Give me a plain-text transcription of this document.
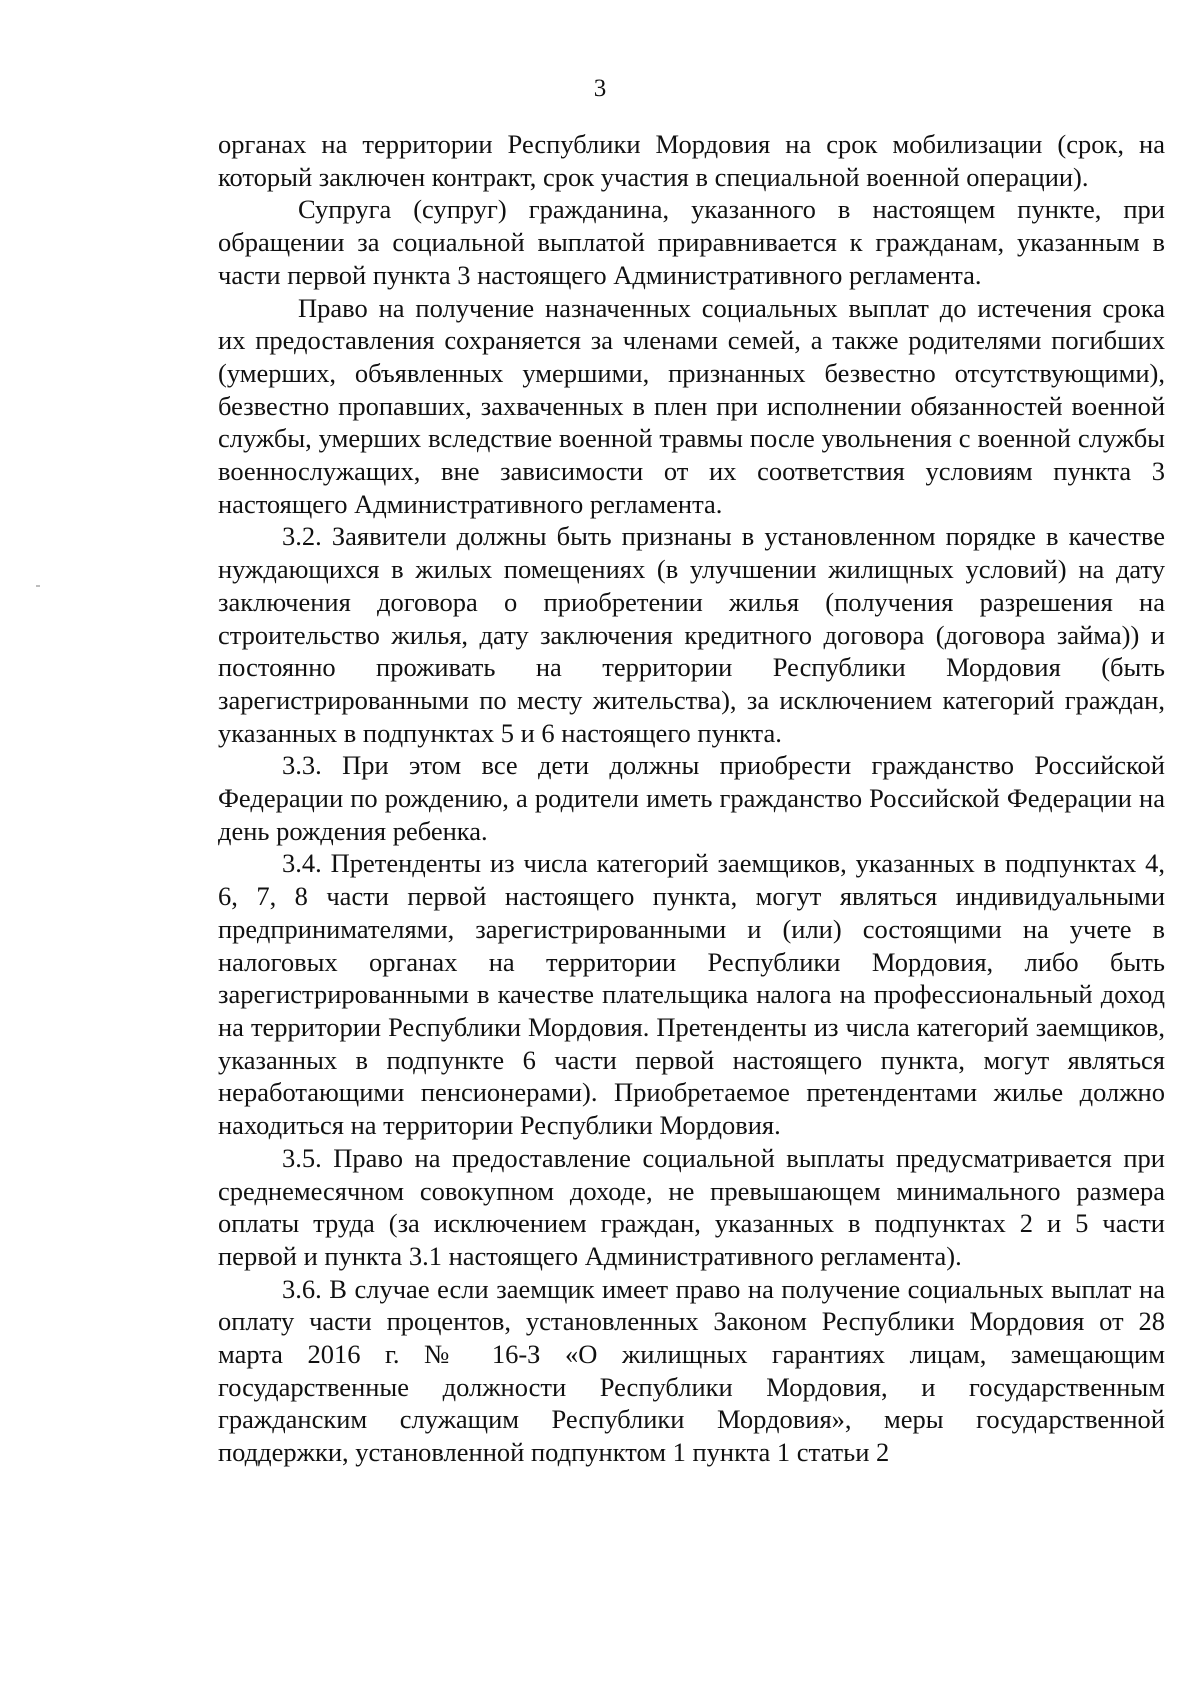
3

органах на территории Республики Мордовия на срок мобилизации (срок, на который заключен контракт, срок участия в специальной военной операции).

Супруга (супруг) гражданина, указанного в настоящем пункте, при обращении за социальной выплатой приравнивается к гражданам, указанным в части первой пункта 3 настоящего Административного регламента.

Право на получение назначенных социальных выплат до истечения срока их предоставления сохраняется за членами семей, а также родителями погибших (умерших, объявленных умершими, признанных безвестно отсутствующими), безвестно пропавших, захваченных в плен при исполнении обязанностей военной службы, умерших вследствие военной травмы после увольнения с военной службы военнослужащих, вне зависимости от их соответствия условиям пункта 3 настоящего Административного регламента.

3.2. Заявители должны быть признаны в установленном порядке в качестве нуждающихся в жилых помещениях (в улучшении жилищных условий) на дату заключения договора о приобретении жилья (получения разрешения на строительство жилья, дату заключения кредитного договора (договора займа)) и постоянно проживать на территории Республики Мордовия (быть зарегистрированными по месту жительства), за исключением категорий граждан, указанных в подпунктах 5 и 6 настоящего пункта.

3.3. При этом все дети должны приобрести гражданство Российской Федерации по рождению, а родители иметь гражданство Российской Федерации на день рождения ребенка.

3.4. Претенденты из числа категорий заемщиков, указанных в подпунктах 4, 6, 7, 8 части первой настоящего пункта, могут являться индивидуальными предпринимателями, зарегистрированными и (или) состоящими на учете в налоговых органах на территории Республики Мордовия, либо быть зарегистрированными в качестве плательщика налога на профессиональный доход на территории Республики Мордовия. Претенденты из числа категорий заемщиков, указанных в подпункте 6 части первой настоящего пункта, могут являться неработающими пенсионерами). Приобретаемое претендентами жилье должно находиться на территории Республики Мордовия.

3.5. Право на предоставление социальной выплаты предусматривается при среднемесячном совокупном доходе, не превышающем минимального размера оплаты труда (за исключением граждан, указанных в подпунктах 2 и 5 части первой и пункта 3.1 настоящего Административного регламента).

3.6. В случае если заемщик имеет право на получение социальных выплат на оплату части процентов, установленных Законом Республики Мордовия от 28 марта 2016 г. № 16-З «О жилищных гарантиях лицам, замещающим государственные должности Республики Мордовия, и государственным гражданским служащим Республики Мордовия», меры государственной поддержки, установленной подпунктом 1 пункта 1 статьи 2
